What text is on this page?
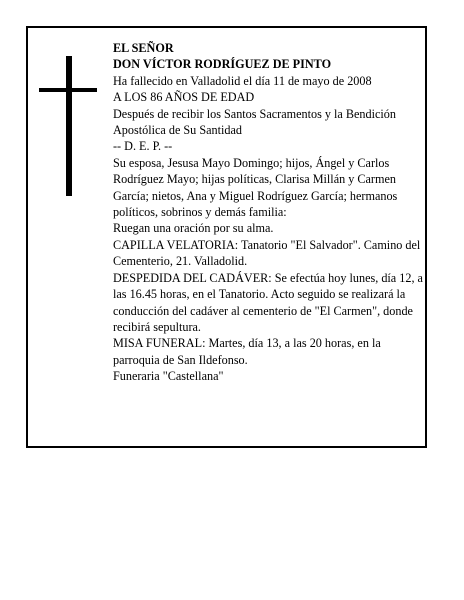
EL SEÑOR

DON VÍCTOR RODRÍGUEZ DE PINTO

Ha fallecido en Valladolid el día 11 de mayo de 2008

A LOS 86 AÑOS DE EDAD

Después de recibir los Santos Sacramentos y la Bendición Apostólica de Su Santidad

-- D. E. P. --

Su esposa, Jesusa Mayo Domingo; hijos, Ángel y Carlos Rodríguez Mayo; hijas políticas, Clarisa Millán y Carmen García; nietos, Ana y Miguel Rodríguez García; hermanos políticos, sobrinos y demás familia:

Ruegan una oración por su alma.

CAPILLA VELATORIA: Tanatorio "El Salvador". Camino del Cementerio, 21. Valladolid.

DESPEDIDA DEL CADÁVER: Se efectúa hoy lunes, día 12, a las 16.45 horas, en el Tanatorio. Acto seguido se realizará la conducción del cadáver al cementerio de "El Carmen", donde recibirá sepultura.

MISA FUNERAL: Martes, día 13, a las 20 horas, en la parroquia de San Ildefonso.

Funeraria "Castellana"
